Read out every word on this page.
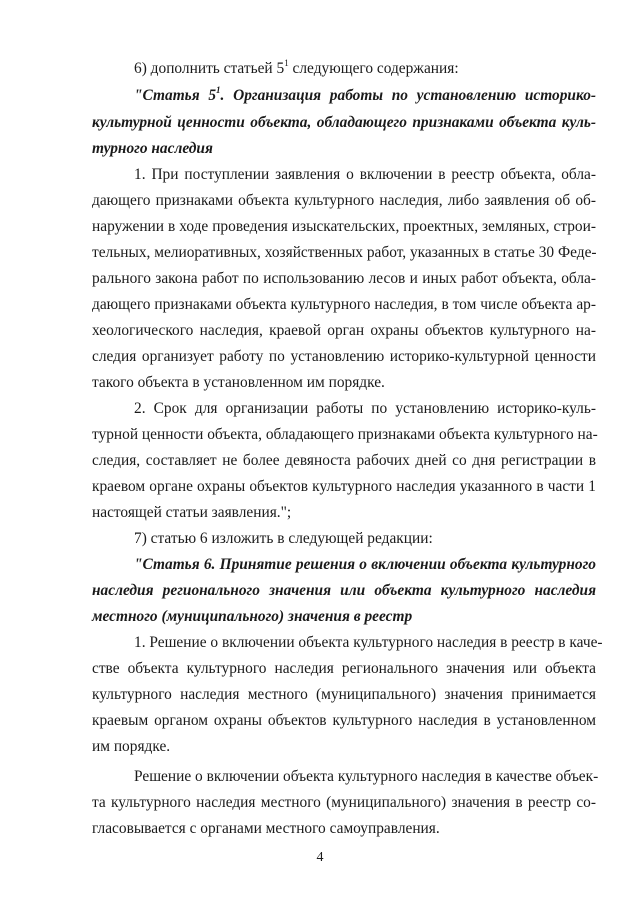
6) дополнить статьей $5^1$ следующего содержания:
"Статья $5^1$. Организация работы по установлению историко-
культурной ценности объекта, обладающего признаками объекта куль-
турного наследия
1. При поступлении заявления о включении в реестр объекта, обла-
дающего признаками объекта культурного наследия, либо заявления об об-
наружении в ходе проведения изыскательских, проектных, земляных, строи-
тельных, мелиоративных, хозяйственных работ, указанных в статье 30 Феде-
рального закона работ по использованию лесов и иных работ объекта, обла-
дающего признаками объекта культурного наследия, в том числе объекта ар-
хеологического наследия, краевой орган охраны объектов культурного на-
следия организует работу по установлению историко-культурной ценности
такого объекта в установленном им порядке.
2. Срок для организации работы по установлению историко-куль-
турной ценности объекта, обладающего признаками объекта культурного на-
следия, составляет не более девяноста рабочих дней со дня регистрации в
краевом органе охраны объектов культурного наследия указанного в части 1
настоящей статьи заявления.";
7) статью 6 изложить в следующей редакции:
"Статья 6. Принятие решения о включении объекта культурного
наследия регионального значения или объекта культурного наследия
местного (муниципального) значения в реестр
1. Решение о включении объекта культурного наследия в реестр в каче-
стве объекта культурного наследия регионального значения или объекта
культурного наследия местного (муниципального) значения принимается
краевым органом охраны объектов культурного наследия в установленном
им порядке.
Решение о включении объекта культурного наследия в качестве объек-
та культурного наследия местного (муниципального) значения в реестр со-
гласовывается с органами местного самоуправления.
4
